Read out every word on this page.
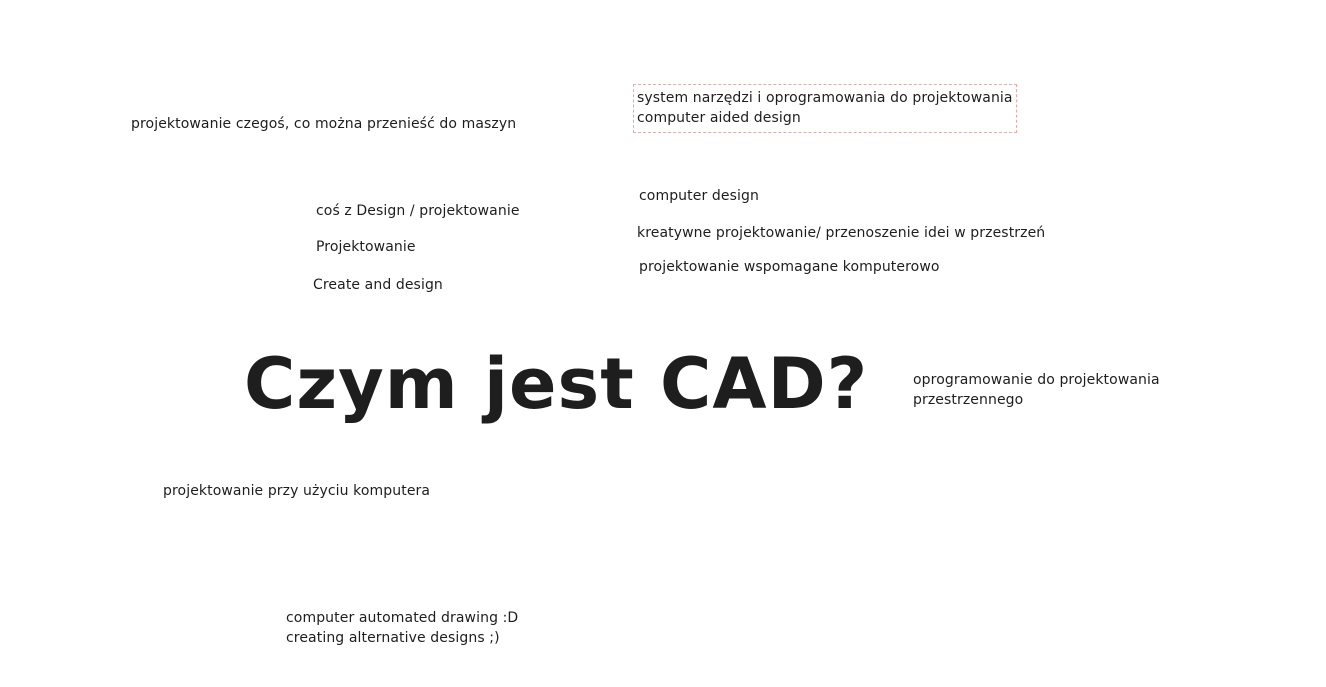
projektowanie czegoś, co można przenieść do maszyn
system narzędzi i oprogramowania do projektowania
computer aided design
coś z Design / projektowanie
Projektowanie
Create and design
computer design
kreatywne projektowanie/ przenoszenie idei w przestrzeń
projektowanie wspomagane komputerowo
Czym jest CAD?	oprogramowanie do projektowania
przestrzennego
projektowanie przy użyciu komputera
computer automated drawing :D
creating alternative designs ;)
